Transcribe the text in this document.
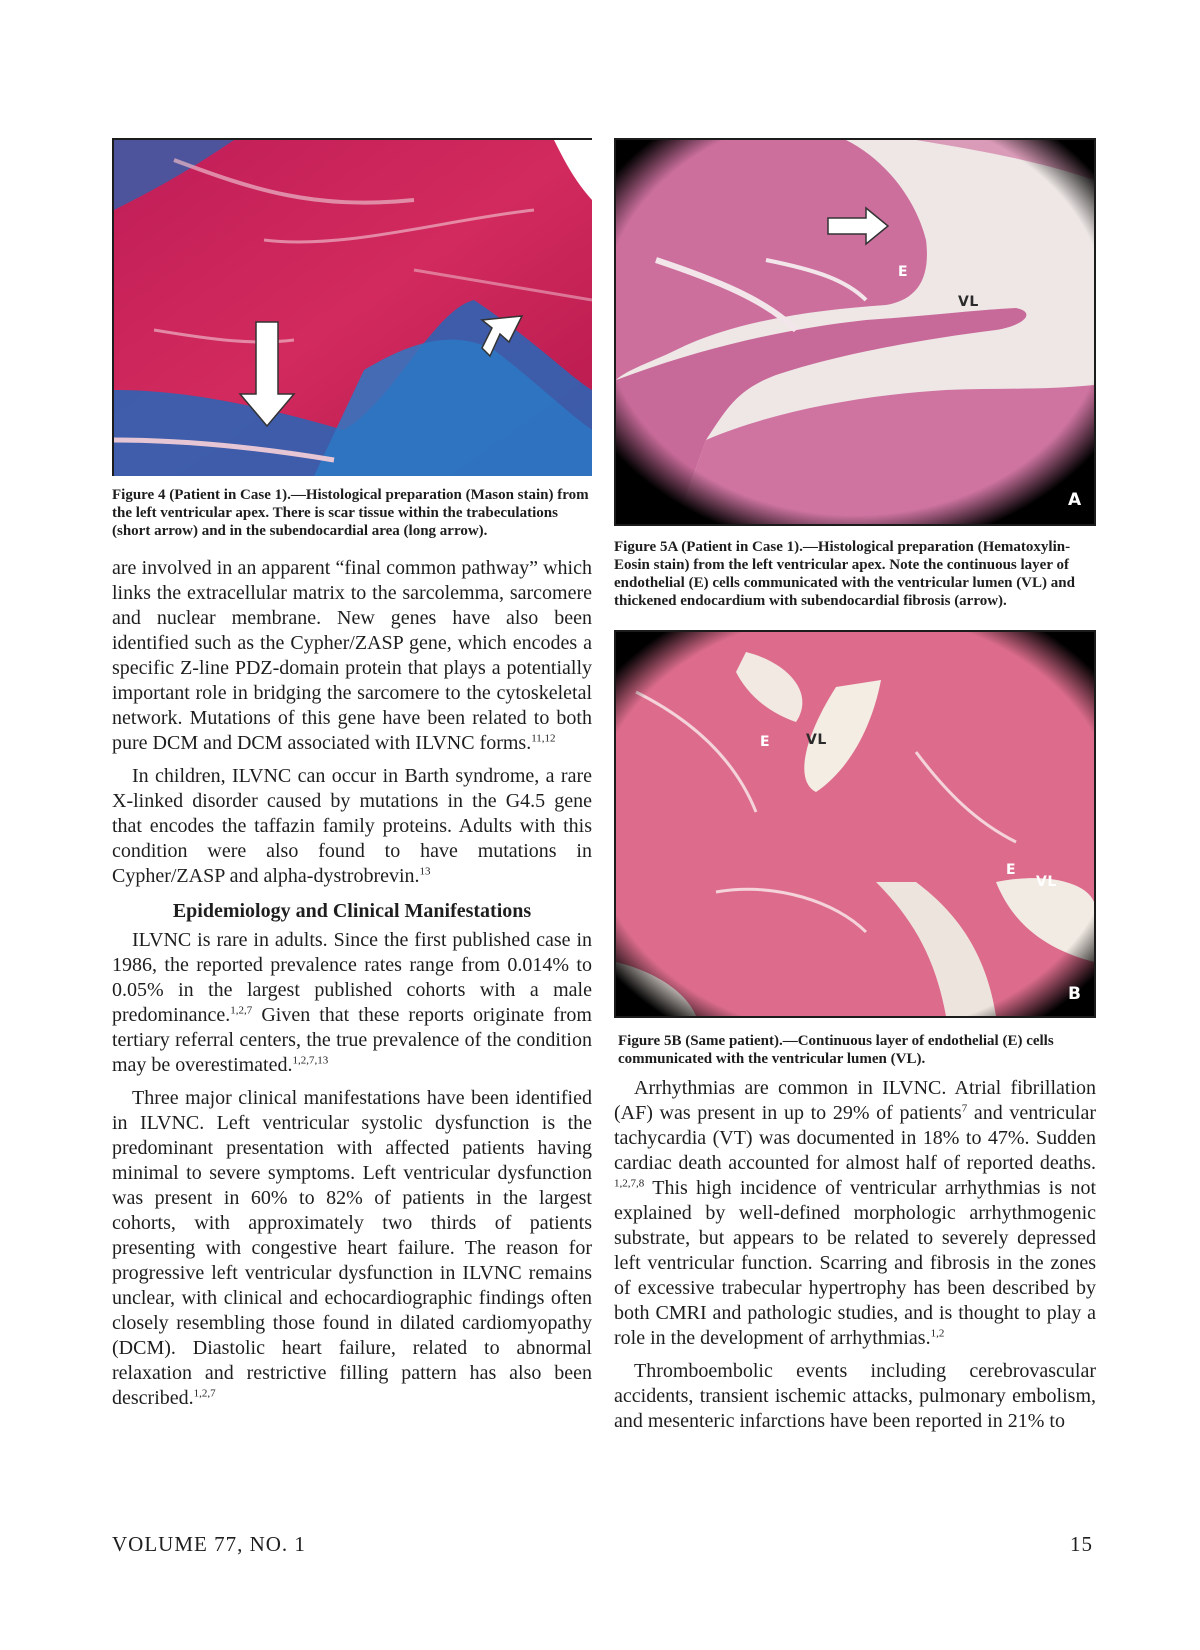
Figure 4 (Patient in Case 1).—Histological preparation (Mason stain) from the left ventricular apex. There is scar tissue within the trabeculations (short arrow) and in the subendocardial area (long arrow).

are involved in an apparent “final common pathway” which links the extracellular matrix to the sarcolemma, sarcomere and nuclear membrane. New genes have also been identified such as the Cypher/ZASP gene, which encodes a specific Z-line PDZ-domain protein that plays a potentially important role in bridging the sarcomere to the cytoskeletal network. Mutations of this gene have been related to both pure DCM and DCM associated with ILVNC forms.$^{11,12}$

In children, ILVNC can occur in Barth syndrome, a rare X-linked disorder caused by mutations in the G4.5 gene that encodes the taffazin family proteins. Adults with this condition were also found to have mutations in Cypher/ZASP and alpha-dystrobrevin.$^{13}$

Epidemiology and Clinical Manifestations

ILVNC is rare in adults. Since the first published case in 1986, the reported prevalence rates range from 0.014% to 0.05% in the largest published cohorts with a male predominance.$^{1,2,7}$ Given that these reports originate from tertiary referral centers, the true prevalence of the condition may be overestimated.$^{1,2,7,13}$

Three major clinical manifestations have been identified in ILVNC. Left ventricular systolic dysfunction is the predominant presentation with affected patients having minimal to severe symptoms. Left ventricular dysfunction was present in 60% to 82% of patients in the largest cohorts, with approximately two thirds of patients presenting with congestive heart failure. The reason for progressive left ventricular dysfunction in ILVNC remains unclear, with clinical and echocardiographic findings often closely resembling those found in dilated cardiomyopathy (DCM). Diastolic heart failure, related to abnormal relaxation and restrictive filling pattern has also been described.$^{1,2,7}$

E
VL
A

Figure 5A (Patient in Case 1).—Histological preparation (Hematoxylin-Eosin stain) from the left ventricular apex. Note the continuous layer of endothelial (E) cells communicated with the ventricular lumen (VL) and thickened endocardium with subendocardial fibrosis (arrow).

E	VL
E
VL
B

Figure 5B (Same patient).—Continuous layer of endothelial (E) cells communicated with the ventricular lumen (VL).

Arrhythmias are common in ILVNC. Atrial fibrillation (AF) was present in up to 29% of patients$^7$ and ventricular tachycardia (VT) was documented in 18% to 47%. Sudden cardiac death accounted for almost half of reported deaths. $^{1,2,7,8}$ This high incidence of ventricular arrhythmias is not explained by well-defined morphologic arrhythmogenic substrate, but appears to be related to severely depressed left ventricular function. Scarring and fibrosis in the zones of excessive trabecular hypertrophy has been described by both CMRI and pathologic studies, and is thought to play a role in the development of arrhythmias.$^{1,2}$

Thromboembolic events including cerebrovascular accidents, transient ischemic attacks, pulmonary embolism, and mesenteric infarctions have been reported in 21% to

VOLUME 77, NO. 1	15
